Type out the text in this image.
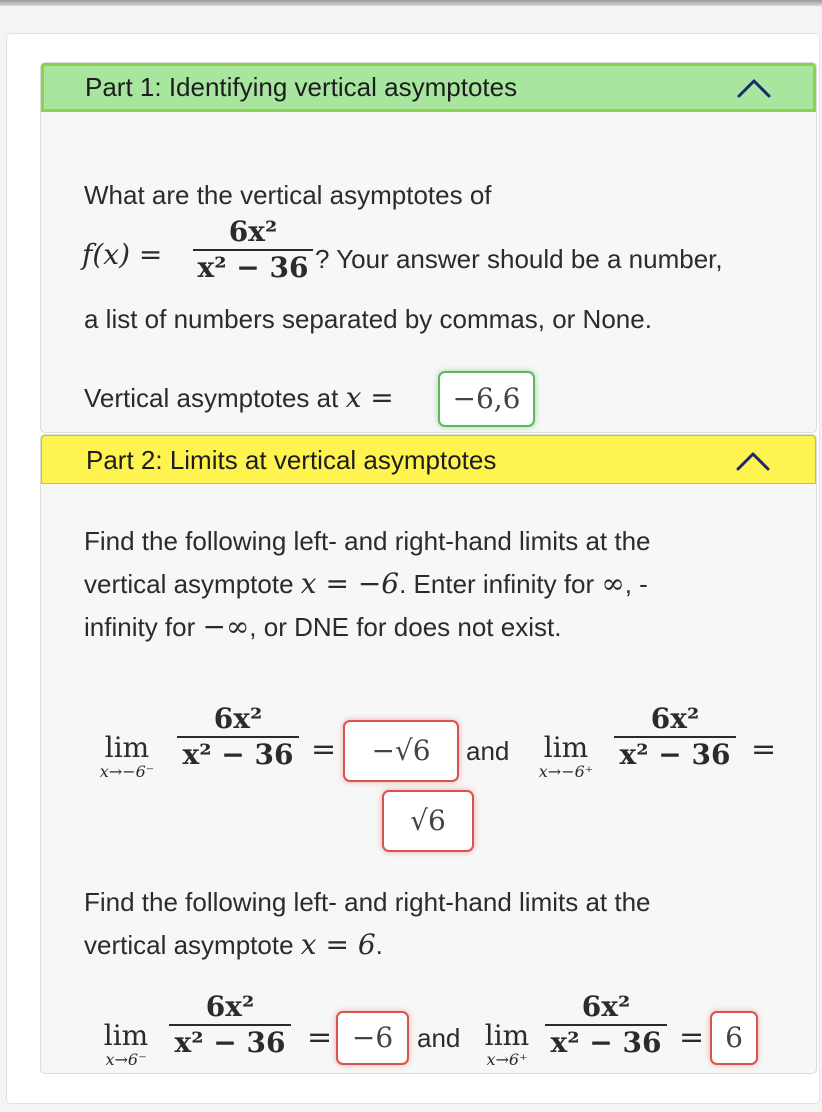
Part 1: Identifying vertical asymptotes
What are the vertical asymptotes of
f(x) =
6x²
x² − 36 ? Your answer should be a number,
a list of numbers separated by commas, or None.
Vertical asymptotes at x =	−6,6
Part 2: Limits at vertical asymptotes
Find the following left- and right-hand limits at the
vertical asymptote x = −6. Enter infinity for ∞, -
infinity for −∞, or DNE for does not exist.
lim
x→−6⁻
6x²
x² − 36 =	−√6	and	lim
x→−6⁺
6x²
x² − 36 =
√6
Find the following left- and right-hand limits at the
vertical asymptote x = 6.
lim
x→6⁻
6x²
x² − 36 = −6 and lim
x→6⁺
6x²
x² − 36 = 6
